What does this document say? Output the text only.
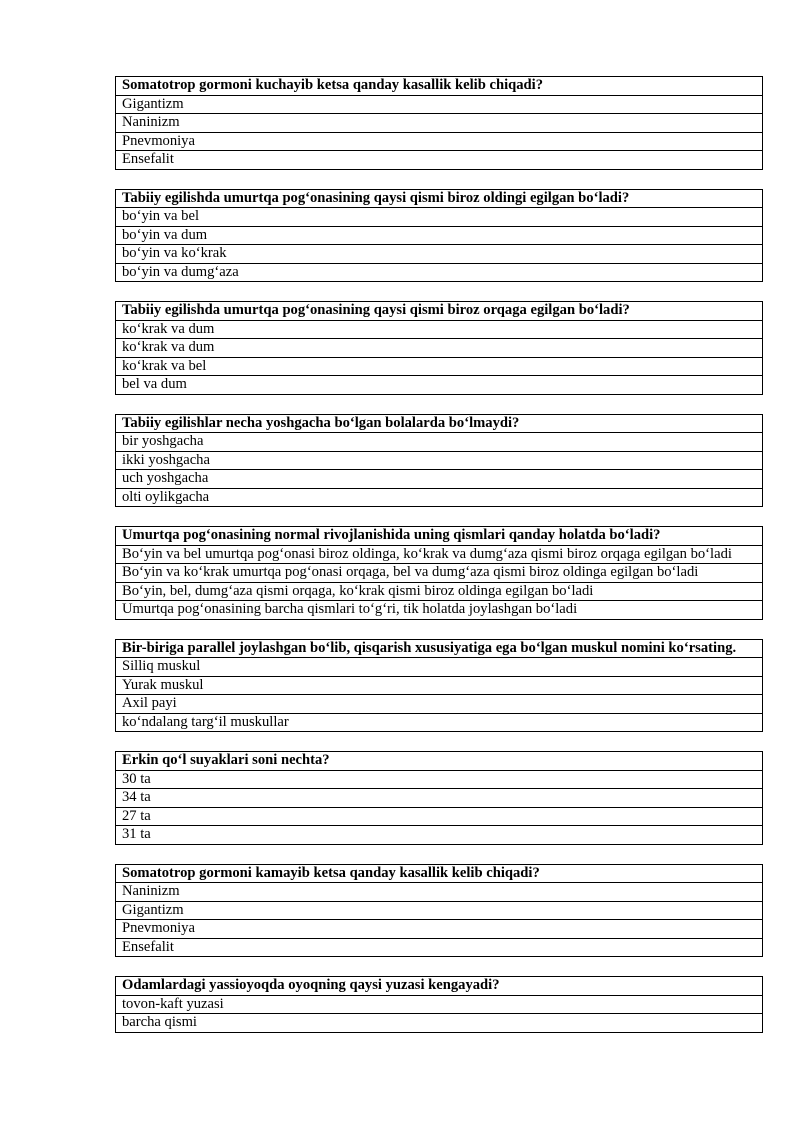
Somatotrop gormoni kuchayib ketsa qanday kasallik kelib chiqadi?
Gigantizm
Naninizm
Pnevmoniya
Ensefalit
Tabiiy egilishda umurtqa pog‘onasining qaysi qismi biroz oldingi egilgan bo‘ladi?
bo‘yin va bel
bo‘yin va dum
bo‘yin va ko‘krak
bo‘yin va dumg‘aza
Tabiiy egilishda umurtqa pog‘onasining qaysi qismi biroz orqaga egilgan bo‘ladi?
ko‘krak va dum
ko‘krak va dum
ko‘krak va bel
bel va dum
Tabiiy egilishlar necha yoshgacha bo‘lgan bolalarda bo‘lmaydi?
bir yoshgacha
ikki yoshgacha
uch yoshgacha
olti oylikgacha
Umurtqa pog‘onasining normal rivojlanishida uning qismlari qanday holatda bo‘ladi?
Bo‘yin va bel umurtqa pog‘onasi biroz oldinga, ko‘krak va dumg‘aza qismi biroz orqaga egilgan bo‘ladi
Bo‘yin va ko‘krak umurtqa pog‘onasi orqaga, bel va dumg‘aza qismi biroz oldinga egilgan bo‘ladi
Bo‘yin, bel, dumg‘aza qismi orqaga, ko‘krak qismi biroz oldinga egilgan bo‘ladi
Umurtqa pog‘onasining barcha qismlari to‘g‘ri, tik holatda joylashgan bo‘ladi
Bir-biriga parallel joylashgan bo‘lib, qisqarish xususiyatiga ega bo‘lgan muskul nomini ko‘rsating.
Silliq muskul
Yurak muskul
Axil payi
ko‘ndalang targ‘il muskullar
Erkin qo‘l suyaklari soni nechta?
30 ta
34 ta
27 ta
31 ta
Somatotrop gormoni kamayib ketsa qanday kasallik kelib chiqadi?
Naninizm
Gigantizm
Pnevmoniya
Ensefalit
Odamlardagi yassioyoqda oyoqning qaysi yuzasi kengayadi?
tovon-kaft yuzasi
barcha qismi
